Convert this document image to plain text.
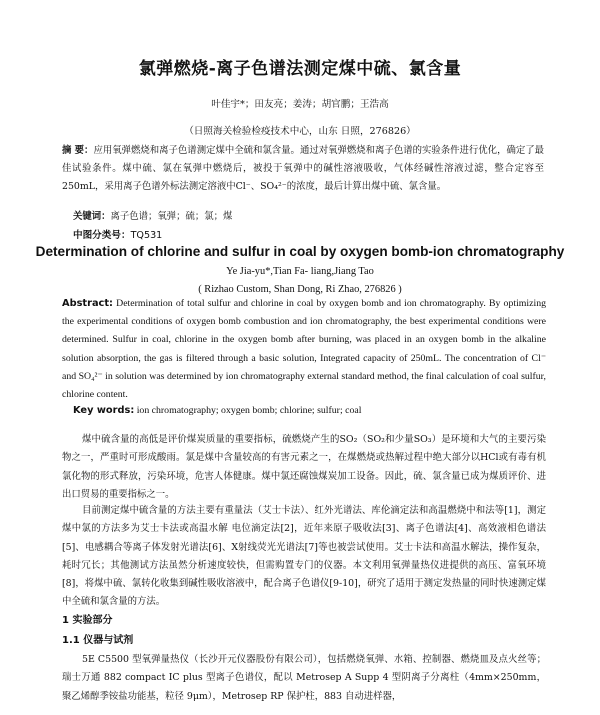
氯弹燃烧-离子色谱法测定煤中硫、氯含量
叶佳宇*；田友亮；姜涛；胡官鹏；王浩高
（日照海关检验检疫技术中心，山东 日照，276826）
摘 要：应用氧弹燃烧和离子色谱测定煤中全硫和氯含量。通过对氧弹燃烧和离子色谱的实验条件进行优化，确定了最佳试验条件。煤中硫、氯在氧弹中燃烧后，被投于氧弹中的碱性溶液吸收，气体经碱性溶液过滤，整合定容至250mL，采用离子色谱外标法测定溶液中Cl⁻、SO₄²⁻的浓度，最后计算出煤中硫、氯含量。
关键词：离子色谱；氧弹；硫；氯；煤
中图分类号：TQ531
Determination of chlorine and sulfur in coal by oxygen bomb-ion chromatography
Ye Jia-yu*,Tian Fa- liang,Jiang Tao
( Rizhao Custom, Shan Dong, Ri Zhao, 276826 )
Abstract: Determination of total sulfur and chlorine in coal by oxygen bomb and ion chromatography. By optimizing the experimental conditions of oxygen bomb combustion and ion chromatography, the best experimental conditions were determined. Sulfur in coal, chlorine in the oxygen bomb after burning, was placed in an oxygen bomb in the alkaline solution absorption, the gas is filtered through a basic solution, Integrated capacity of 250mL. The concentration of Cl⁻ and SO₄²⁻ in solution was determined by ion chromatography external standard method, the final calculation of coal sulfur, chlorine content.
Key words: ion chromatography; oxygen bomb; chlorine; sulfur; coal
煤中硫含量的高低是评价煤炭质量的重要指标，硫燃烧产生的SO₂（SO₂和少量SO₃）是环境和大气的主要污染物之一，严重时可形成酸雨。氯是煤中含量较高的有害元素之一，在煤燃烧或热解过程中绝大部分以HCl或有毒有机氯化物的形式释放，污染环境，危害人体健康。煤中氯还腐蚀煤炭加工设备。因此，硫、氯含量已成为煤质评价、进出口贸易的重要指标之一。
目前测定煤中硫含量的方法主要有重量法（艾士卡法）、红外光谱法、库伦滴定法和高温燃烧中和法等[1]，测定煤中氯的方法多为艾士卡法或高温水解 电位滴定法[2]，近年来原子吸收法[3]、离子色谱法[4]、高效液相色谱法[5]、电感耦合等离子体发射光谱法[6]、X射线荧光光谱法[7]等也被尝试使用。艾士卡法和高温水解法，操作复杂，耗时冗长；其他测试方法虽然分析速度较快，但需购置专门的仪器。本文利用氧弹量热仪进提供的高压、富氧环境[8]，将煤中硫、氯转化收集到碱性吸收溶液中，配合离子色谱仪[9-10]，研究了适用于测定发热量的同时快速测定煤中全硫和氯含量的方法。
1 实验部分
1.1 仪器与试剂
5E C5500 型氧弹量热仪（长沙开元仪器股份有限公司），包括燃烧氧弹、水箱、控制器、燃烧皿及点火丝等；瑞士万通 882 compact IC plus 型离子色谱仪，配以 Metrosep A Supp 4 型阴离子分离柱（4mm×250mm，聚乙烯醇季铵盐功能基，粒径 9μm），Metrosep RP 保护柱，883 自动进样器，
